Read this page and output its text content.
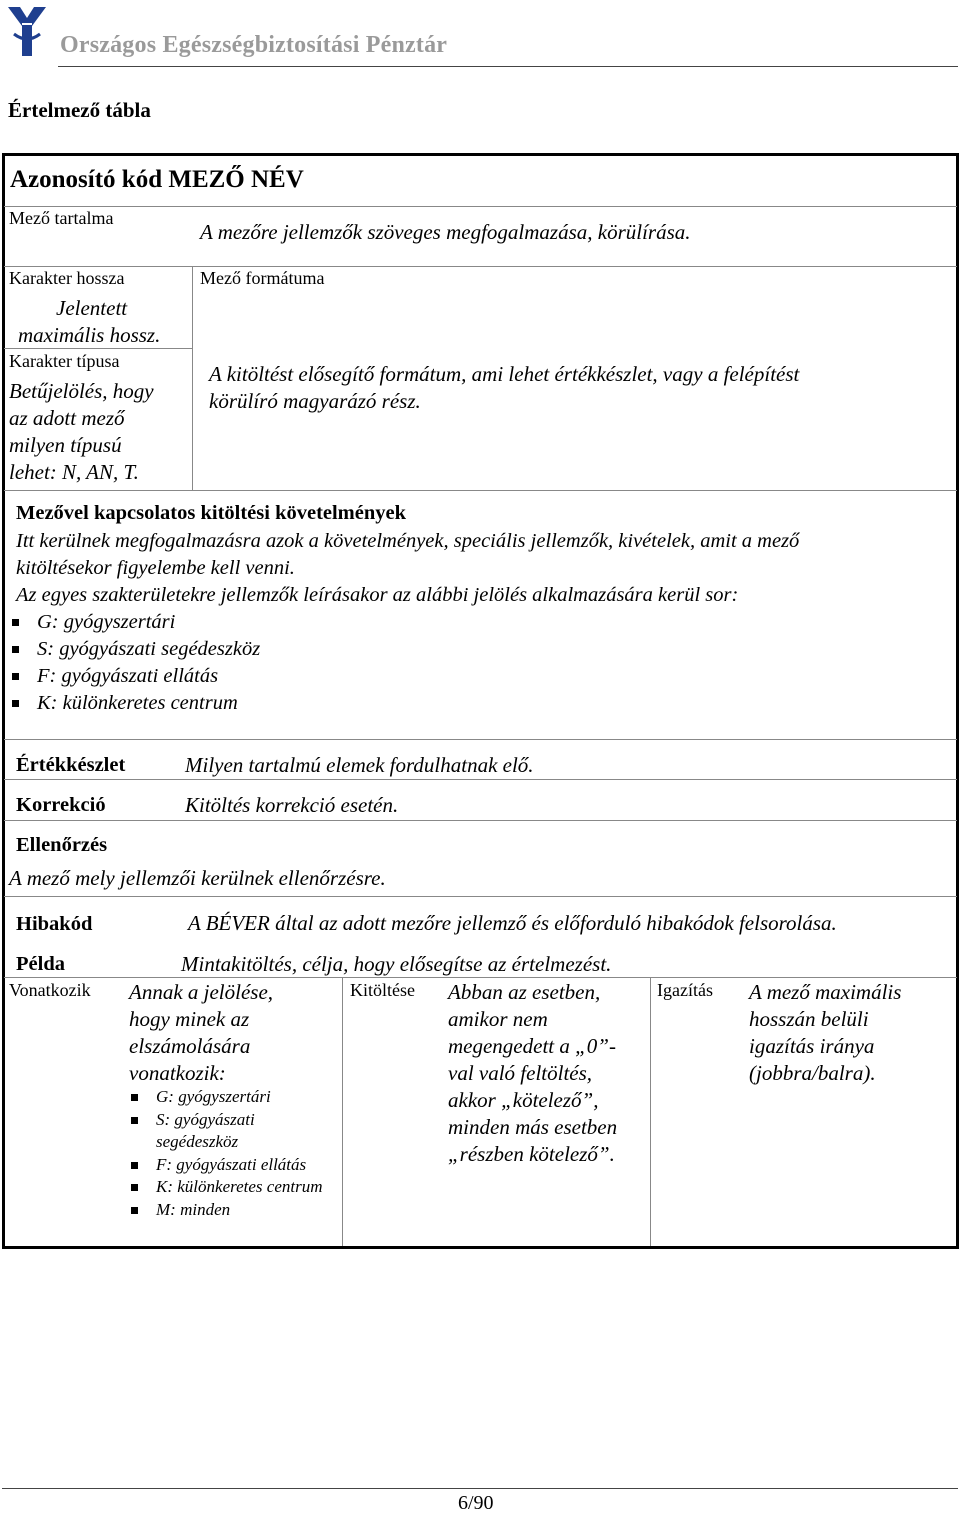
Országos Egészségbiztosítási Pénztár
Értelmező tábla
Azonosító kód MEZŐ NÉV
Mező tartalma
A mezőre jellemzők szöveges megfogalmazása, körülírása.
Karakter hossza
Jelentett
maximális hossz.
Karakter típusa
Betűjelölés, hogy
az adott mező
milyen típusú
lehet: N, AN, T.
Mező formátuma
A kitöltést elősegítő formátum, ami lehet értékkészlet, vagy a felépítést
körülíró magyarázó rész.
Mezővel kapcsolatos kitöltési követelmények
Itt kerülnek megfogalmazásra azok a követelmények, speciális jellemzők, kivételek, amit a mező
kitöltésekor figyelembe kell venni.
Az egyes szakterületekre jellemzők leírásakor az alábbi jelölés alkalmazására kerül sor:
G: gyógyszertári
S: gyógyászati segédeszköz
F: gyógyászati ellátás
K: különkeretes centrum
Értékkészlet	Milyen tartalmú elemek fordulhatnak elő.
Korrekció	Kitöltés korrekció esetén.
Ellenőrzés
A mező mely jellemzői kerülnek ellenőrzésre.
Hibakód	A BÉVER által az adott mezőre jellemző és előforduló hibakódok felsorolása.
Példa	Mintakitöltés, célja, hogy elősegítse az értelmezést.
Vonatkozik Annak a jelölése,
hogy minek az
elszámolására
vonatkozik:
G: gyógyszertári
S: gyógyászati segédeszköz
F: gyógyászati ellátás
K: különkeretes centrum
M: minden
Kitöltése Abban az esetben,
amikor nem
megengedett a „0”-
val való feltöltés,
akkor „kötelező”,
minden más esetben
„részben kötelező”.
Igazítás A mező maximális
hosszán belüli
igazítás iránya
(jobbra/balra).
6/90
